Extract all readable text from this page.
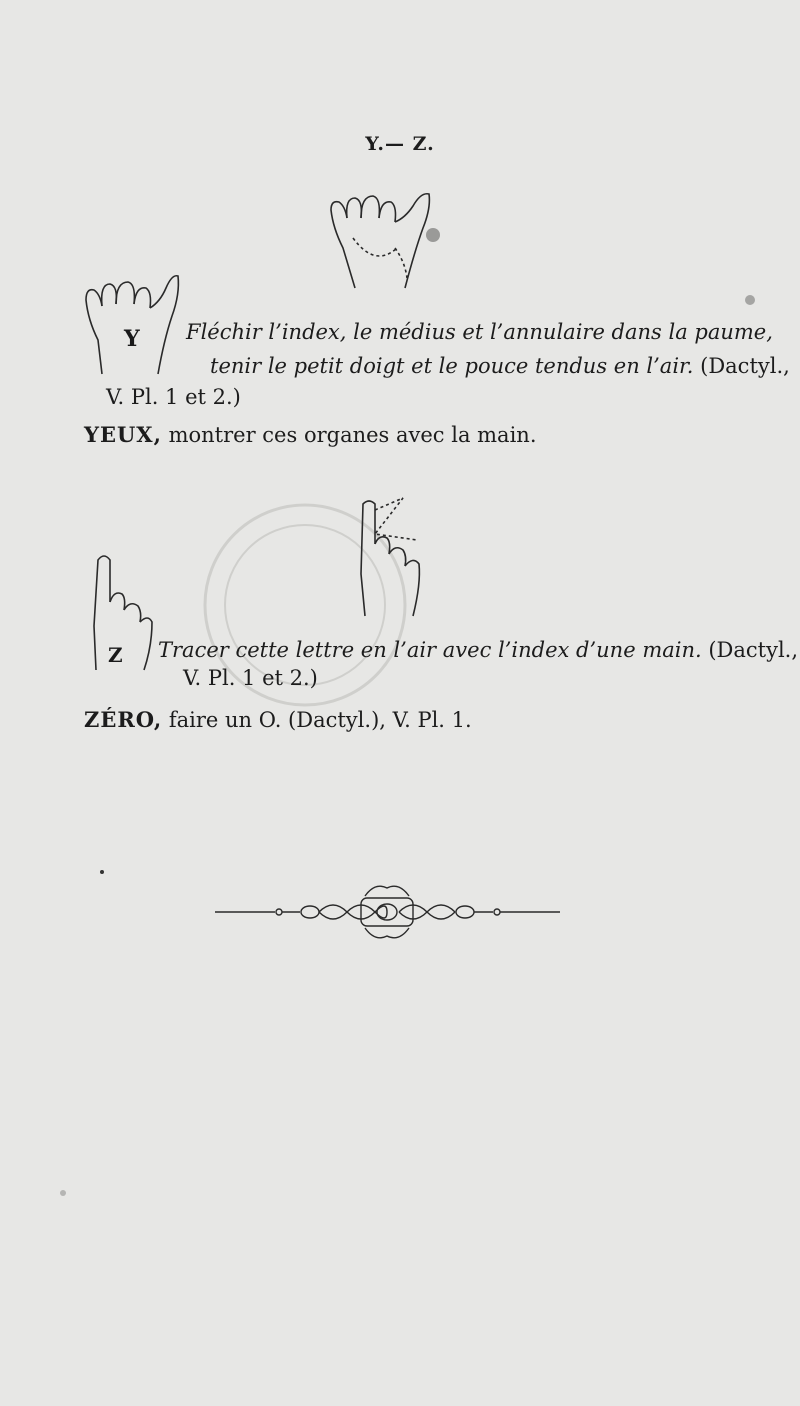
Y.— Z.
Y Fléchir l’index, le médius et l’annulaire dans la paume,
tenir le petit doigt et le pouce tendus en l’air. (Dactyl.,
V. Pl. 1 et 2.)
YEUX, montrer ces organes avec la main.
Z Tracer cette lettre en l’air avec l’index d’une main. (Dactyl.,
V. Pl. 1 et 2.)
ZÉRO, faire un O. (Dactyl.), V. Pl. 1.
